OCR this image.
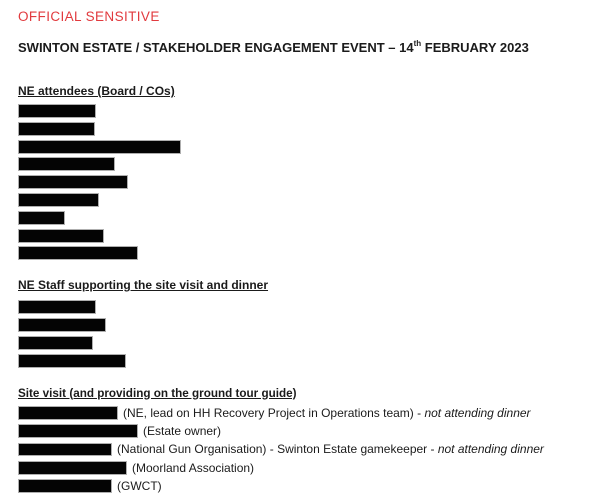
OFFICIAL SENSITIVE
SWINTON ESTATE / STAKEHOLDER ENGAGEMENT EVENT – 14th FEBRUARY 2023
NE attendees (Board / COs)
NE Staff supporting the site visit and dinner
Site visit (and providing on the ground tour guide)
(NE, lead on HH Recovery Project in Operations team) - not attending dinner
(Estate owner)
(National Gun Organisation) - Swinton Estate gamekeeper - not attending dinner
(Moorland Association)
(GWCT)
